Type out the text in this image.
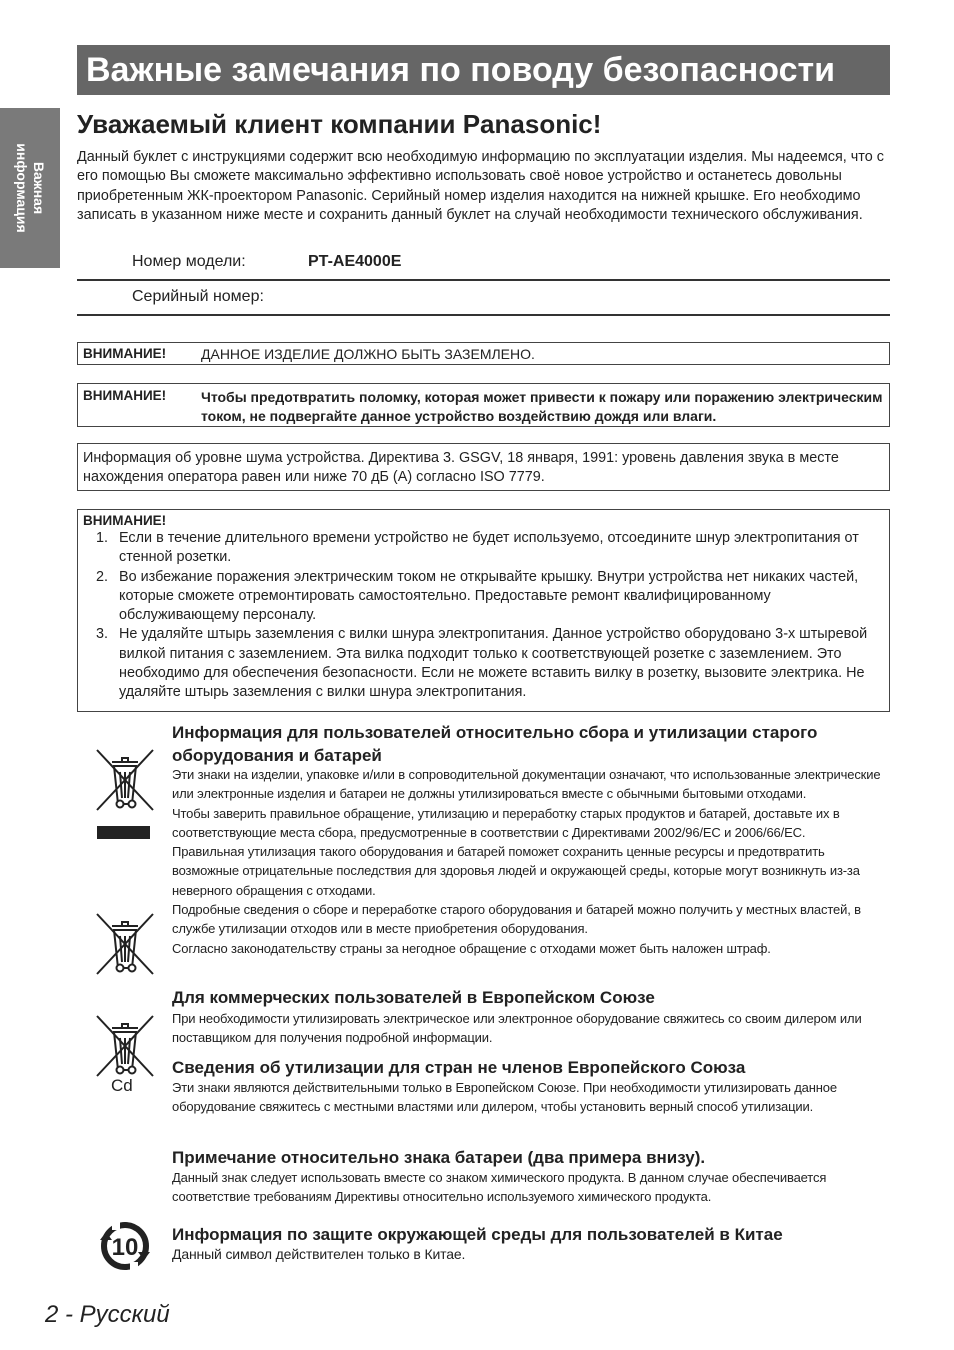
Важная
информация
Важные замечания по поводу безопасности
Уважаемый клиент компании Panasonic!
Данный буклет с инструкциями содержит всю необходимую информацию по эксплуатации изделия. Мы надеемся, что с его помощью Вы сможете максимально эффективно использовать своё новое устройство и останетесь довольны приобретенным ЖК-проектором Panasonic. Серийный номер изделия находится на нижней крышке. Его необходимо записать в указанном ниже месте и сохранить данный буклет на случай необходимости технического обслуживания.
Номер модели:	PT-AE4000E
Серийный номер:
ВНИМАНИЕ! ДАННОЕ ИЗДЕЛИЕ ДОЛЖНО БЫТЬ ЗАЗЕМЛЕНО.
ВНИМАНИЕ! Чтобы предотвратить поломку, которая может привести к пожару или поражению электрическим током, не подвергайте данное устройство воздействию дождя или влаги.
Информация об уровне шума устройства. Директива 3. GSGV, 18 января, 1991: уровень давления звука в месте нахождения оператора равен или ниже 70 дБ (А) согласно ISO 7779.
ВНИМАНИЕ!
1. Если в течение длительного времени устройство не будет используемо, отсоедините шнур электропитания от стенной розетки.
2. Во избежание поражения электрическим током не открывайте крышку. Внутри устройства нет никаких частей, которые сможете отремонтировать самостоятельно. Предоставьте ремонт квалифицированному обслуживающему персоналу.
3. Не удаляйте штырь заземления с вилки шнура электропитания. Данное устройство оборудовано 3-х штыревой вилкой питания с заземлением. Эта вилка подходит только к соответствующей розетке с заземлением. Это необходимо для обеспечения безопасности. Если не можете вставить вилку в розетку, вызовите электрика. Не удаляйте штырь заземления с вилки шнура электропитания.
Cd
10
Информация для пользователей относительно сбора и утилизации старого оборудования и батарей
Эти знаки на изделии, упаковке и/или в сопроводительной документации означают, что использованные электрические или электронные изделия и батареи не должны утилизироваться вместе с обычными бытовыми отходами.
Чтобы заверить правильное обращение, утилизацию и переработку старых продуктов и батарей, доставьте их в соответствующие места сбора, предусмотренные в соответствии с Директивами 2002/96/EC и 2006/66/EC.
Правильная утилизация такого оборудования и батарей поможет сохранить ценные ресурсы и предотвратить возможные отрицательные последствия для здоровья людей и окружающей среды, которые могут возникнуть из-за неверного обращения с отходами.
Подробные сведения о сборе и переработке старого оборудования и батарей можно получить у местных властей, в службе утилизации отходов или в месте приобретения оборудования.
Согласно законодательству страны за негодное обращение с отходами может быть наложен штраф.
Для коммерческих пользователей в Европейском Союзе
При необходимости утилизировать электрическое или электронное оборудование свяжитесь со своим дилером или поставщиком для получения подробной информации.
Сведения об утилизации для стран не членов Европейского Союза
Эти знаки являются действительными только в Европейском Союзе. При необходимости утилизировать данное оборудование свяжитесь с местными властями или дилером, чтобы установить верный способ утилизации.
Примечание относительно знака батареи (два примера внизу).
Данный знак следует использовать вместе со знаком химического продукта. В данном случае обеспечивается соответствие требованиям Директивы относительно используемого химического продукта.
Информация по защите окружающей среды для пользователей в Китае
Данный символ действителен только в Китае.
2 - Русский
